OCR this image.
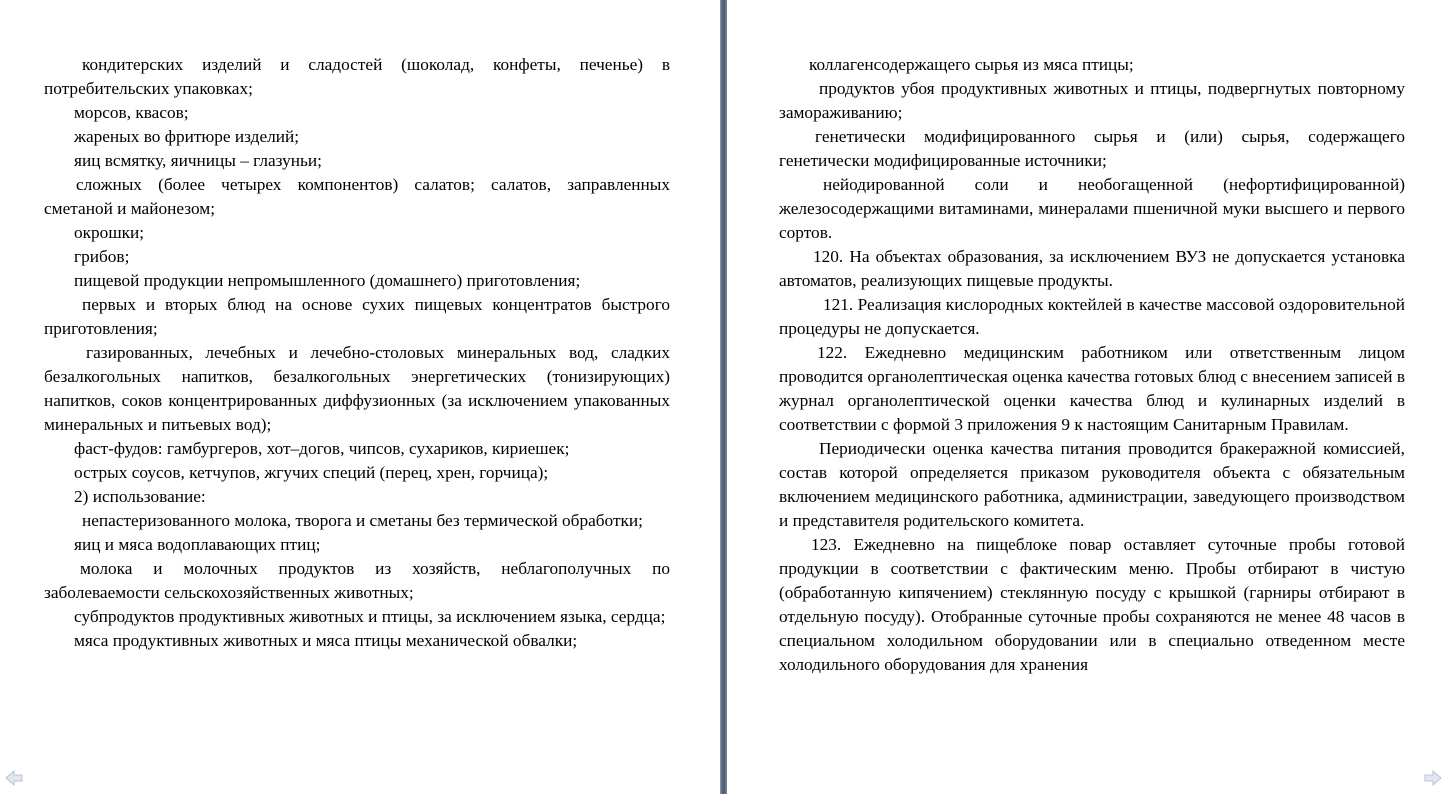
кондитерских изделий и сладостей (шоколад, конфеты, печенье) в потребительских упаковках;

морсов, квасов;

жареных во фритюре изделий;

яиц всмятку, яичницы – глазуньи;

сложных (более четырех компонентов) салатов; салатов, заправленных сметаной и майонезом;

окрошки;

грибов;

пищевой продукции непромышленного (домашнего) приготовления;

первых и вторых блюд на основе сухих пищевых концентратов быстрого приготовления;

газированных, лечебных и лечебно-столовых минеральных вод, сладких безалкогольных напитков, безалкогольных энергетических (тонизирующих) напитков, соков концентрированных диффузионных (за исключением упакованных минеральных и питьевых вод);

фаст-фудов: гамбургеров, хот–догов, чипсов, сухариков, кириешек;

острых соусов, кетчупов, жгучих специй (перец, хрен, горчица);

2) использование:

непастеризованного молока, творога и сметаны без термической обработки;

яиц и мяса водоплавающих птиц;

молока и молочных продуктов из хозяйств, неблагополучных по заболеваемости сельскохозяйственных животных;

субпродуктов продуктивных животных и птицы, за исключением языка, сердца;

мяса продуктивных животных и мяса птицы механической обвалки;

коллагенсодержащего сырья из мяса птицы;

продуктов убоя продуктивных животных и птицы, подвергнутых повторному замораживанию;

генетически модифицированного сырья и (или) сырья, содержащего генетически модифицированные источники;

нейодированной соли и необогащенной (нефортифицированной) железосодержащими витаминами, минералами пшеничной муки высшего и первого сортов.

120. На объектах образования, за исключением ВУЗ не допускается установка автоматов, реализующих пищевые продукты.

121. Реализация кислородных коктейлей в качестве массовой оздоровительной процедуры не допускается.

122. Ежедневно медицинским работником или ответственным лицом проводится органолептическая оценка качества готовых блюд с внесением записей в журнал органолептической оценки качества блюд и кулинарных изделий в соответствии с формой 3 приложения 9 к настоящим Санитарным Правилам.

Периодически оценка качества питания проводится бракеражной комиссией, состав которой определяется приказом руководителя объекта с обязательным включением медицинского работника, администрации, заведующего производством и представителя родительского комитета.

123. Ежедневно на пищеблоке повар оставляет суточные пробы готовой продукции в соответствии с фактическим меню. Пробы отбирают в чистую (обработанную кипячением) стеклянную посуду с крышкой (гарниры отбирают в отдельную посуду). Отобранные суточные пробы сохраняются не менее 48 часов в специальном холодильном оборудовании или в специально отведенном месте холодильного оборудования для хранения
